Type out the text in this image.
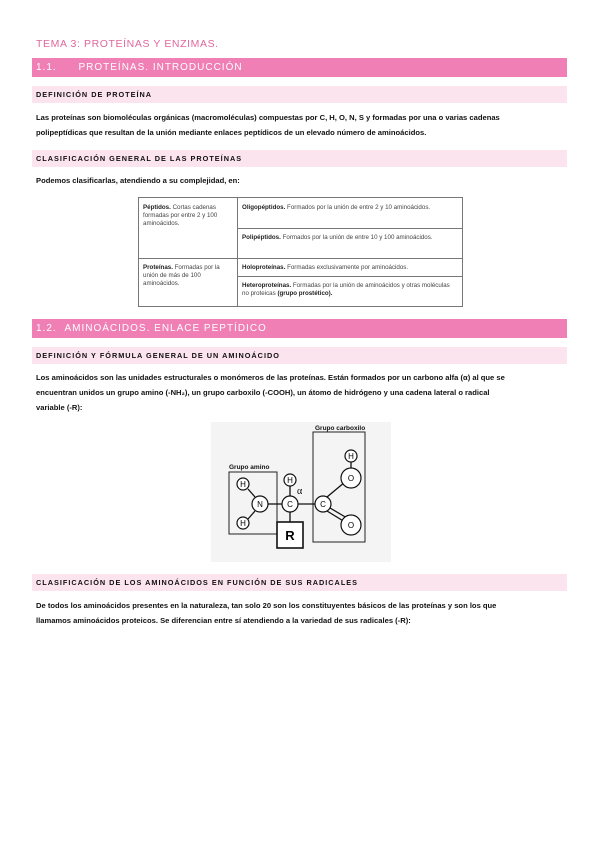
TEMA 3: PROTEÍNAS Y ENZIMAS.
1.1. PROTEÍNAS. INTRODUCCIÓN
DEFINICIÓN DE PROTEÍNA
Las proteínas son biomoléculas orgánicas (macromoléculas) compuestas por C, H, O, N, S y formadas por una o varias cadenas
polipeptídicas que resultan de la unión mediante enlaces peptídicos de un elevado número de aminoácidos.
CLASIFICACIÓN GENERAL DE LAS PROTEÍNAS
Podemos clasificarlas, atendiendo a su complejidad, en:
Péptidos. Cortas cadenas formadas por entre 2 y 100 aminoácidos.
Oligopéptidos. Formados por la unión de entre 2 y 10 aminoácidos.
Polipéptidos. Formados por la unión de entre 10 y 100 aminoácidos.
Proteínas. Formadas por la unión de más de 100 aminoácidos.
Holoproteínas. Formadas exclusivamente por aminoácidos.
Heteroproteínas. Formadas por la unión de aminoácidos y otras moléculas no proteicas (grupo prostético).
1.2. AMINOÁCIDOS. ENLACE PEPTÍDICO
DEFINICIÓN Y FÓRMULA GENERAL DE UN AMINOÁCIDO
Los aminoácidos son las unidades estructurales o monómeros de las proteínas. Están formados por un carbono alfa (α) al que se
encuentran unidos un grupo amino (-NH₂), un grupo carboxilo (-COOH), un átomo de hidrógeno y una cadena lateral o radical
variable (-R):
Grupo carboxilo
Grupo amino
H
H
N
H
C
α
C
H
O
O
R
CLASIFICACIÓN DE LOS AMINOÁCIDOS EN FUNCIÓN DE SUS RADICALES
De todos los aminoácidos presentes en la naturaleza, tan solo 20 son los constituyentes básicos de las proteínas y son los que
llamamos aminoácidos proteicos. Se diferencian entre sí atendiendo a la variedad de sus radicales (-R):
